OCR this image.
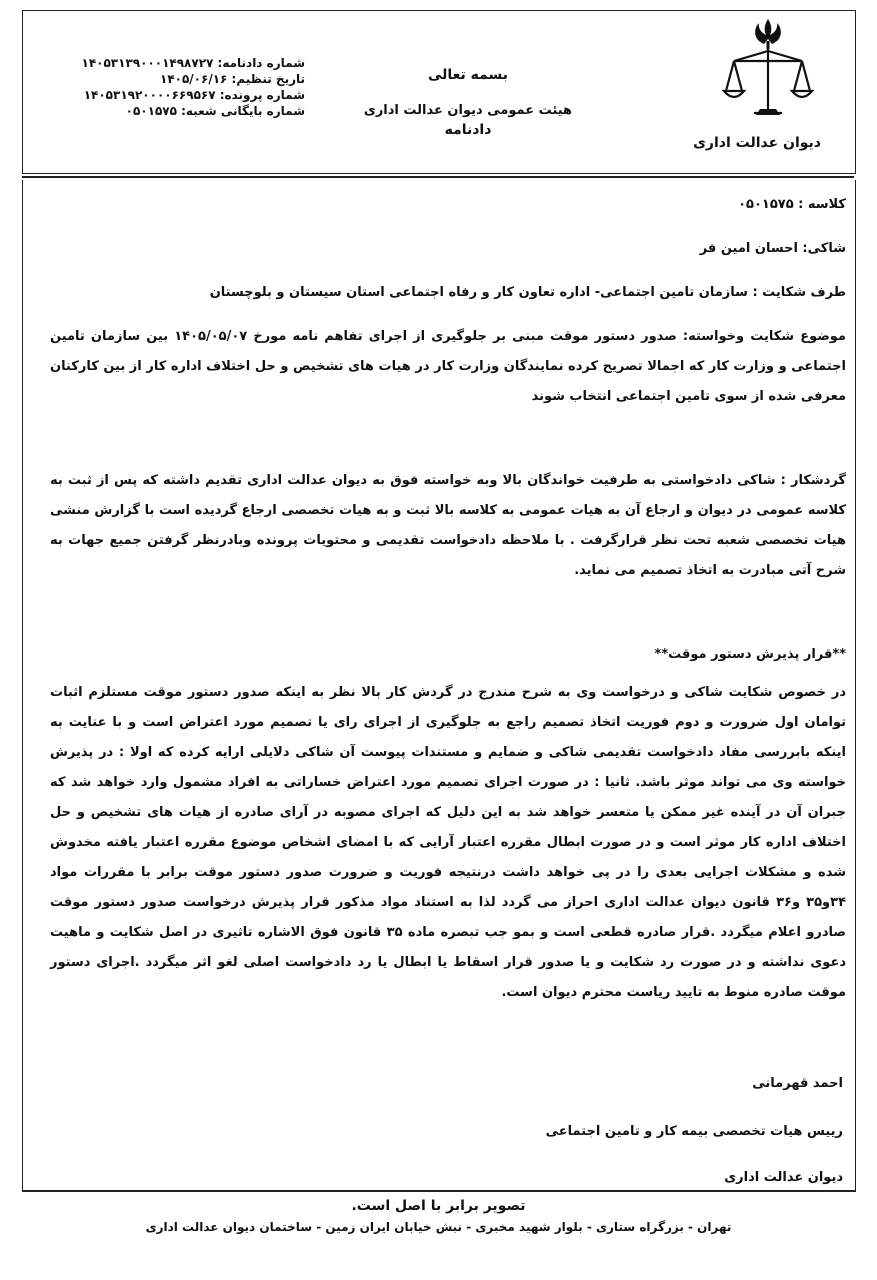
دیوان عدالت اداری
بسمه تعالی
هیئت عمومی دیوان عدالت اداری
دادنامه
شماره دادنامه: ۱۴۰۵۳۱۳۹۰۰۰۱۴۹۸۷۲۷
تاریخ تنظیم: ۱۴۰۵/۰۶/۱۶
شماره پرونده: ۱۴۰۵۳۱۹۲۰۰۰۰۶۶۹۵۶۷
شماره بایگانی شعبه: ۰۵۰۱۵۷۵

کلاسه : ۰۵۰۱۵۷۵

شاکی: احسان امین فر

طرف شکایت : سازمان تامین اجتماعی- اداره تعاون کار و رفاه اجتماعی استان سیستان و بلوچستان

موضوع شکایت وخواسته: صدور دستور موقت مبنی بر جلوگیری از اجرای تفاهم نامه مورخ ۱۴۰۵/۰۵/۰۷ بین سازمان تامین اجتماعی و وزارت کار که اجمالا تصریح کرده نمایندگان وزارت کار در هیات های تشخیص و حل اختلاف اداره کار از بین کارکنان معرفی شده از سوی تامین اجتماعی انتخاب شوند

گردشکار : شاکی دادخواستی به طرفیت خواندگان بالا وبه خواسته فوق به دیوان عدالت اداری تقدیم داشته که پس از ثبت به کلاسه عمومی در دیوان و ارجاع آن به هیات عمومی به کلاسه بالا ثبت و به هیات تخصصی ارجاع گردیده است با گزارش منشی هیات تخصصی شعبه تحت نظر قرارگرفت . با ملاحظه دادخواست تقدیمی و محتویات پرونده وبادرنظر گرفتن جمیع جهات به شرح آتی مبادرت به اتخاذ تصمیم می نماید.

**قرار پذیرش دستور موقت**

در خصوص شکایت شاکی و درخواست وی به شرح مندرج در گردش کار بالا نظر به اینکه صدور دستور موقت مستلزم اثبات توامان اول ضرورت و دوم فوریت اتخاذ تصمیم راجع به جلوگیری از اجرای رای یا تصمیم مورد اعتراض است و با عنایت به اینکه بابررسی مفاد دادخواست تقدیمی شاکی و ضمایم و مستندات پیوست آن شاکی دلایلی ارایه کرده که اولا : در پذیرش خواسته وی می تواند موثر باشد. ثانیا : در صورت اجرای تصمیم مورد اعتراض خساراتی به افراد مشمول وارد خواهد شد که جبران آن در آینده غیر ممکن یا متعسر خواهد شد به این دلیل که اجرای مصوبه در آرای صادره از هیات های تشخیص و حل اختلاف اداره کار موثر است و در صورت ابطال مقرره اعتبار آرایی که با امضای اشخاص موضوع مقرره اعتبار یافته مخدوش شده و مشکلات اجرایی بعدی را در پی خواهد داشت درنتیجه فوریت و ضرورت صدور دستور موقت برابر با مقررات مواد ۳۴و۳۵ و۳۶ قانون دیوان عدالت اداری احراز می گردد لذا به استناد مواد مذکور قرار پذیرش درخواست صدور دستور موقت صادرو اعلام میگردد .قرار صادره قطعی است و بمو جب تبصره ماده ۳۵ قانون فوق الاشاره تاثیری در اصل شکایت و ماهیت دعوی نداشته و در صورت رد شکایت و یا صدور قرار اسقاط یا ابطال یا رد دادخواست اصلی لغو اثر میگردد .اجرای دستور موقت صادره منوط به تایید ریاست محترم دیوان است.

احمد قهرمانی
رییس هیات تخصصی بیمه کار و تامین اجتماعی
دیوان عدالت اداری
تصویر برابر با اصل است.
تهران - بزرگراه ستاری - بلوار شهید مخبری - نبش خیابان ایران زمین - ساختمان دیوان عدالت اداری
